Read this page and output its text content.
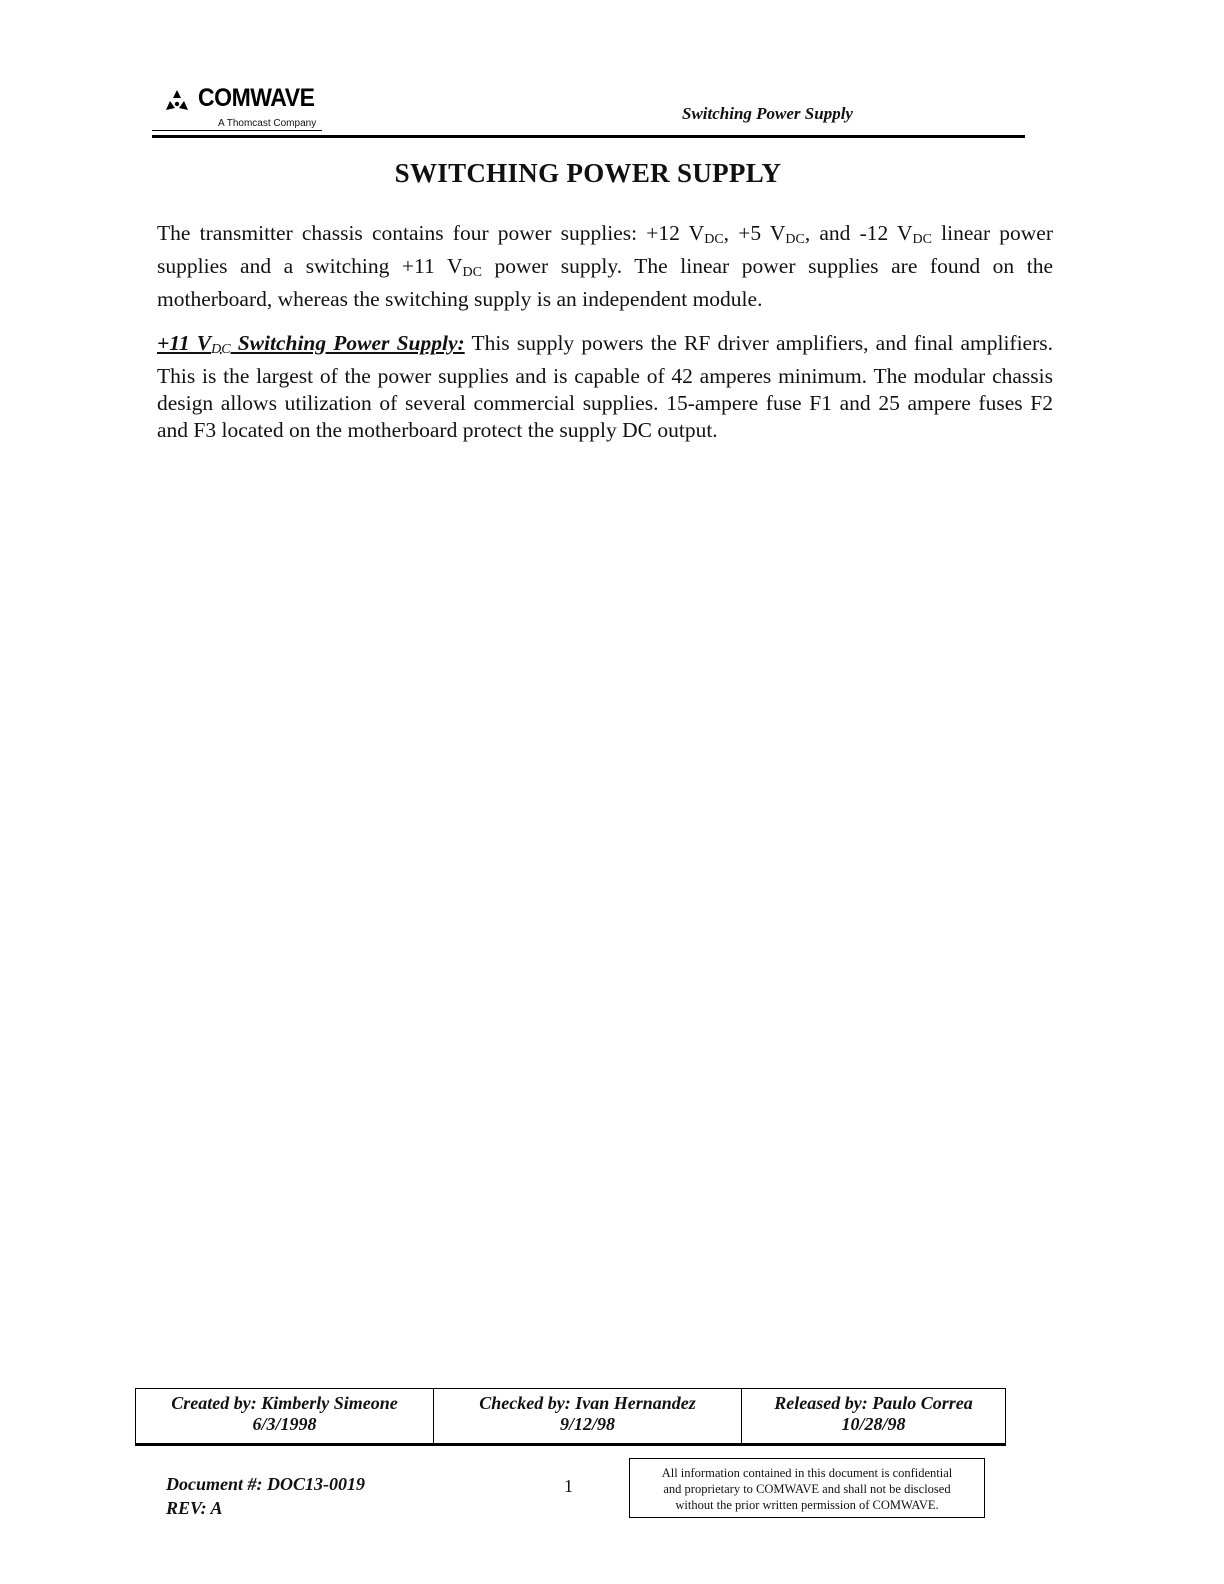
COMWAVE
A Thomcast Company
Switching Power Supply
SWITCHING POWER SUPPLY
The transmitter chassis contains four power supplies: +12 $V_{DC}$, +5 $V_{DC}$, and -12 $V_{DC}$ linear power supplies and a switching +11 $V_{DC}$ power supply. The linear power supplies are found on the motherboard, whereas the switching supply is an independent module.
+11 $V_{DC}$ Switching Power Supply: This supply powers the RF driver amplifiers, and final amplifiers. This is the largest of the power supplies and is capable of 42 amperes minimum. The modular chassis design allows utilization of several commercial supplies. 15-ampere fuse F1 and 25 ampere fuses F2 and F3 located on the motherboard protect the supply DC output.
Created by: Kimberly Simeone
6/3/1998
Checked by: Ivan Hernandez
9/12/98
Released by: Paulo Correa
10/28/98
Document #: DOC13-0019
REV: A
1
All information contained in this document is confidential
and proprietary to COMWAVE and shall not be disclosed
without the prior written permission of COMWAVE.
